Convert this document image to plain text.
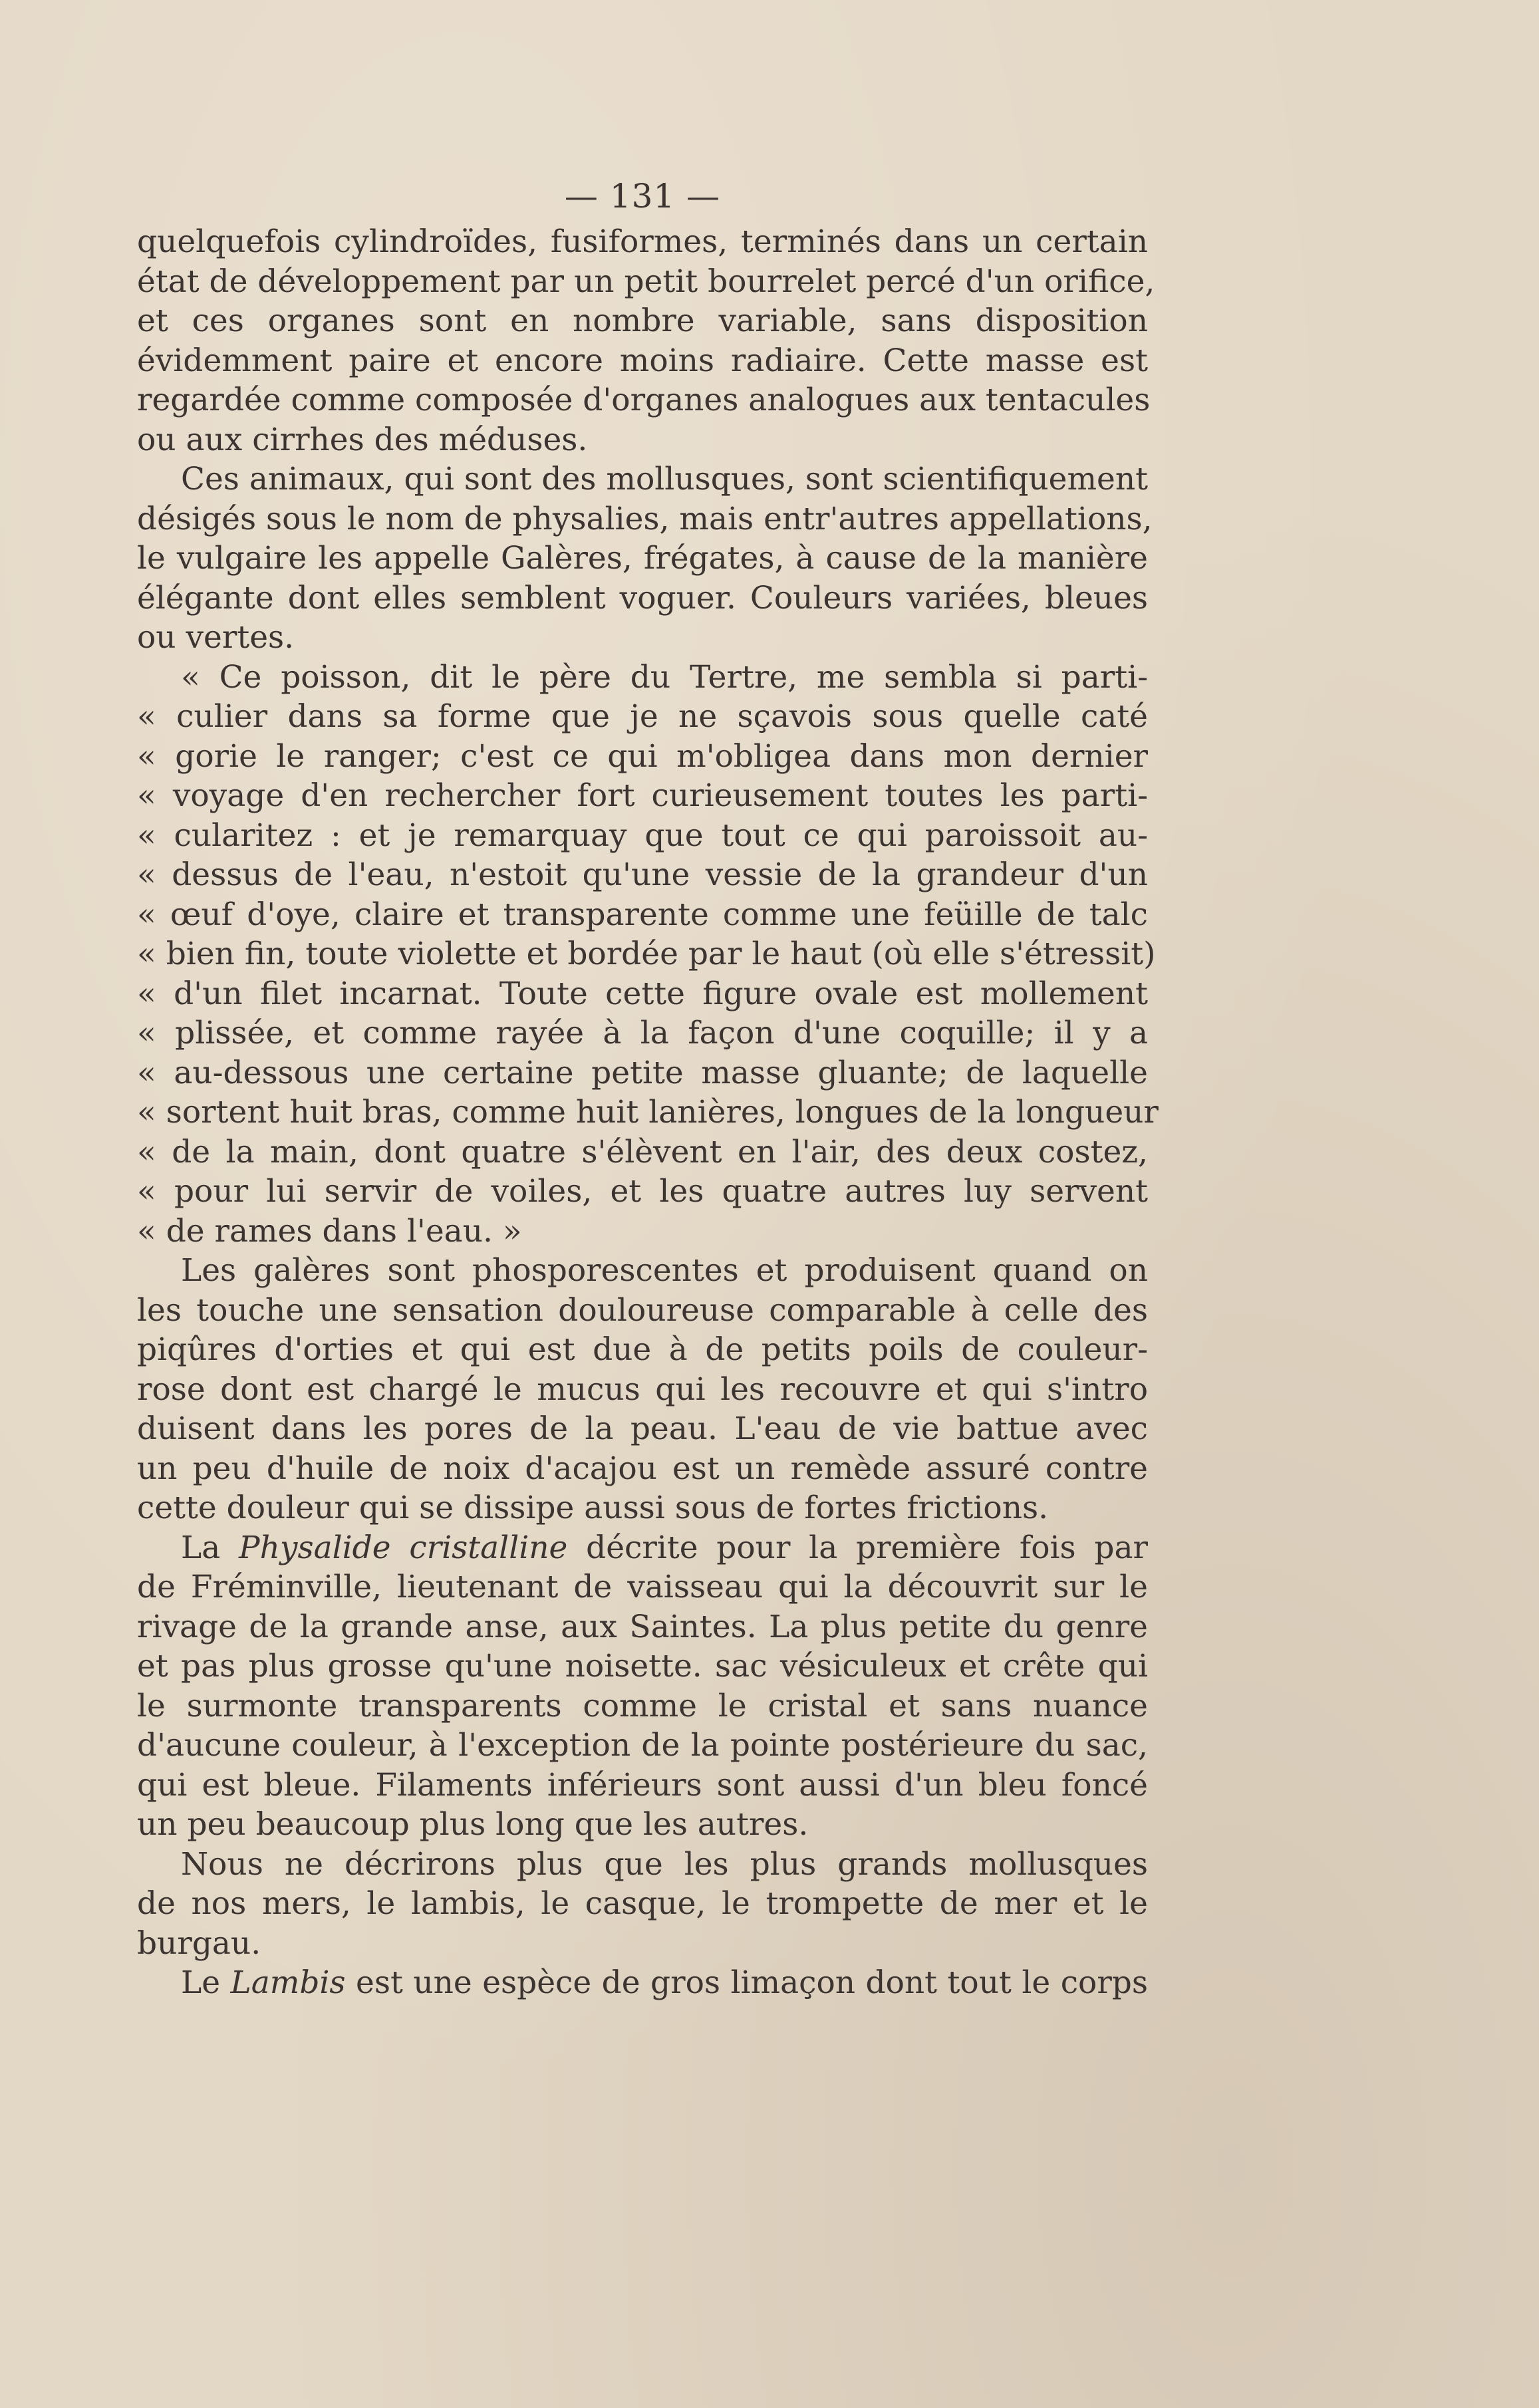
— 131 —
quelquefois cylindroïdes, fusiformes, terminés dans un certain
état de développement par un petit bourrelet percé d'un orifice,
et ces organes sont en nombre variable, sans disposition
évidemment paire et encore moins radiaire. Cette masse est
regardée comme composée d'organes analogues aux tentacules
ou aux cirrhes des méduses.
Ces animaux, qui sont des mollusques, sont scientifiquement
désigés sous le nom de physalies, mais entr'autres appellations,
le vulgaire les appelle Galères, frégates, à cause de la manière
élégante dont elles semblent voguer. Couleurs variées, bleues
ou vertes.
« Ce poisson, dit le père du Tertre, me sembla si parti-
« culier dans sa forme que je ne sçavois sous quelle caté
« gorie le ranger; c'est ce qui m'obligea dans mon dernier
« voyage d'en rechercher fort curieusement toutes les parti-
« cularitez : et je remarquay que tout ce qui paroissoit au-
« dessus de l'eau, n'estoit qu'une vessie de la grandeur d'un
« œuf d'oye, claire et transparente comme une feüille de talc
« bien fin, toute violette et bordée par le haut (où elle s'étressit)
« d'un filet incarnat. Toute cette figure ovale est mollement
« plissée, et comme rayée à la façon d'une coquille; il y a
« au-dessous une certaine petite masse gluante; de laquelle
« sortent huit bras, comme huit lanières, longues de la longueur
« de la main, dont quatre s'élèvent en l'air, des deux costez,
« pour lui servir de voiles, et les quatre autres luy servent
« de rames dans l'eau. »
Les galères sont phosporescentes et produisent quand on
les touche une sensation douloureuse comparable à celle des
piqûres d'orties et qui est due à de petits poils de couleur-
rose dont est chargé le mucus qui les recouvre et qui s'intro
duisent dans les pores de la peau. L'eau de vie battue avec
un peu d'huile de noix d'acajou est un remède assuré contre
cette douleur qui se dissipe aussi sous de fortes frictions.
La Physalide cristalline décrite pour la première fois par
de Fréminville, lieutenant de vaisseau qui la découvrit sur le
rivage de la grande anse, aux Saintes. La plus petite du genre
et pas plus grosse qu'une noisette. sac vésiculeux et crête qui
le surmonte transparents comme le cristal et sans nuance
d'aucune couleur, à l'exception de la pointe postérieure du sac,
qui est bleue. Filaments inférieurs sont aussi d'un bleu foncé
un peu beaucoup plus long que les autres.
Nous ne décrirons plus que les plus grands mollusques
de nos mers, le lambis, le casque, le trompette de mer et le
burgau.
Le Lambis est une espèce de gros limaçon dont tout le corps
